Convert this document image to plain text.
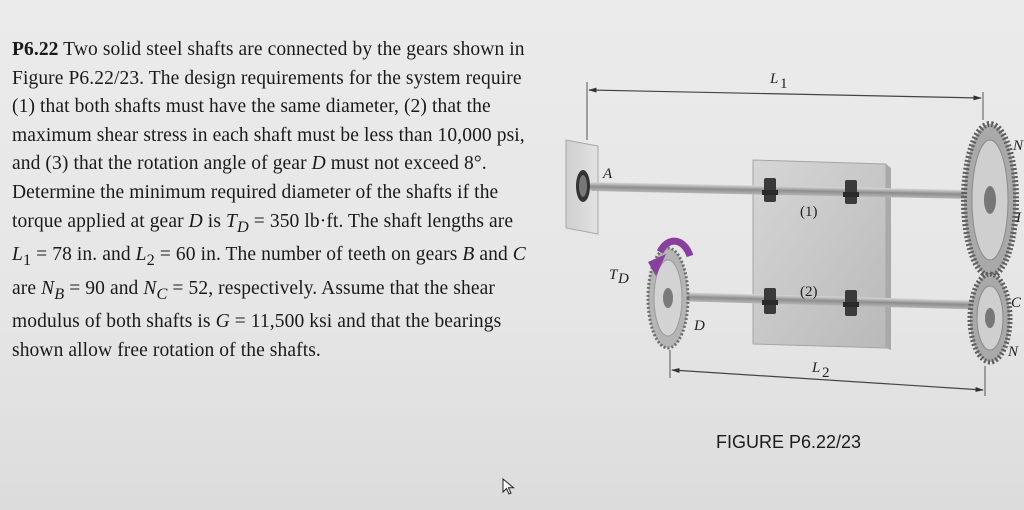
P6.22 Two solid steel shafts are connected by the gears shown in Figure P6.22/23. The design requirements for the system require (1) that both shafts must have the same diameter, (2) that the maximum shear stress in each shaft must be less than 10,000 psi, and (3) that the rotation angle of gear D must not exceed 8°. Determine the minimum required diameter of the shafts if the torque applied at gear D is $T_D = 350$ lb·ft. The shaft lengths are $L_1 = 78$ in. and $L_2 = 60$ in. The number of teeth on gears B and C are $N_B = 90$ and $N_C = 52$, respectively. Assume that the shear modulus of both shafts is G = 11,500 ksi and that the bearings shown allow free rotation of the shafts.
L 1
A
(1)
(2)
D
T D
N
I
C
N
L 2
FIGURE P6.22/23
